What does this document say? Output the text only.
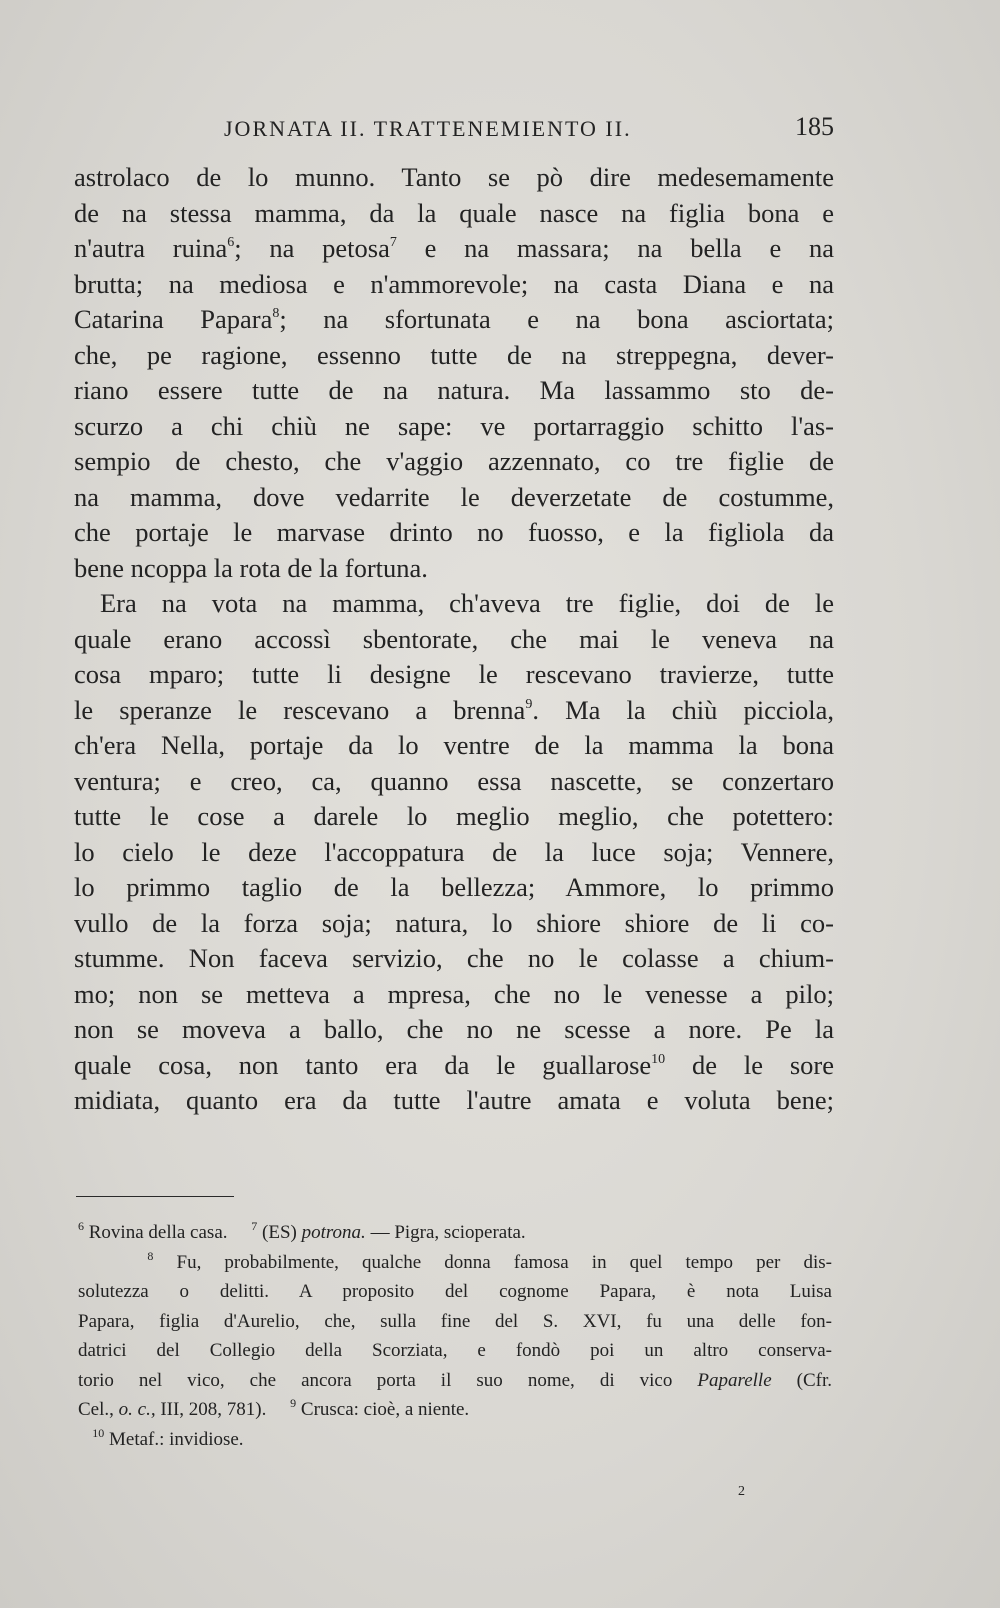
JORNATA II. TRATTENEMIENTO II.	185
astrolaco de lo munno. Tanto se pò dire medesemamente
de na stessa mamma, da la quale nasce na figlia bona e
n'autra ruina$^6$; na petosa$^7$ e na massara; na bella e na
brutta; na mediosa e n'ammorevole; na casta Diana e na
Catarina Papara$^8$; na sfortunata e na bona asciortata;
che, pe ragione, essenno tutte de na streppegna, dever-
riano essere tutte de na natura. Ma lassammo sto de-
scurzo a chi chiù ne sape: ve portarraggio schitto l'as-
sempio de chesto, che v'aggio azzennato, co tre figlie de
na mamma, dove vedarrite le deverzetate de costumme,
che portaje le marvase drinto no fuosso, e la figliola da
bene ncoppa la rota de la fortuna.
Era na vota na mamma, ch'aveva tre figlie, doi de le
quale erano accossì sbentorate, che mai le veneva na
cosa mparo; tutte li designe le rescevano travierze, tutte
le speranze le rescevano a brenna$^9$. Ma la chiù picciola,
ch'era Nella, portaje da lo ventre de la mamma la bona
ventura; e creo, ca, quanno essa nascette, se conzertaro
tutte le cose a darele lo meglio meglio, che potettero:
lo cielo le deze l'accoppatura de la luce soja; Vennere,
lo primmo taglio de la bellezza; Ammore, lo primmo
vullo de la forza soja; natura, lo shiore shiore de li co-
stumme. Non faceva servizio, che no le colasse a chium-
mo; non se metteva a mpresa, che no le venesse a pilo;
non se moveva a ballo, che no ne scesse a nore. Pe la
quale cosa, non tanto era da le guallarose$^{10}$ de le sore
midiata, quanto era da tutte l'autre amata e voluta bene;
$^6$ Rovina della casa. $^7$ (ES) potrona. — Pigra, scioperata.
$^8$ Fu, probabilmente, qualche donna famosa in quel tempo per dis-
solutezza o delitti. A proposito del cognome Papara, è nota Luisa
Papara, figlia d'Aurelio, che, sulla fine del S. XVI, fu una delle fon-
datrici del Collegio della Scorziata, e fondò poi un altro conserva-
torio nel vico, che ancora porta il suo nome, di vico Paparelle (Cfr.
Cel., o. c., III, 208, 781). $^9$ Crusca: cioè, a niente.
$^{10}$ Metaf.: invidiose.
2
